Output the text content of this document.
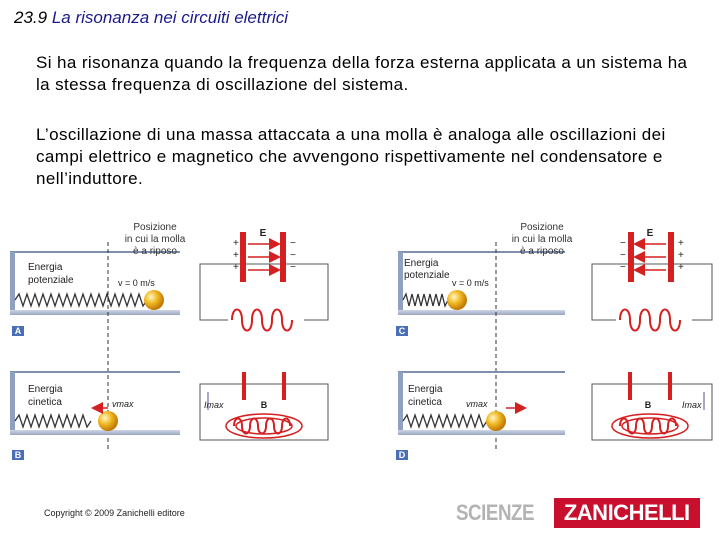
23.9 La risonanza nei circuiti elettrici

Si ha risonanza quando la frequenza della forza esterna applicata a un sistema ha la stessa frequenza di oscillazione del sistema.

L’oscillazione di una massa attaccata a una molla è analoga alle oscillazioni dei campi elettrico e magnetico che avvengono rispettivamente nel condensatore e nell’induttore.

Energia
potenziale	v = 0 m/s
Posizione
in cui la molla
è a riposo
A
+
+
+
−
−
−
E
Energia
cinetica	vmax
B
Imax	B
Energia
potenziale
v = 0 m/s
Posizione
in cui la molla
è a riposo
C
−
−
−
+
+
+
E
Energia
cinetica	vmax
D
Imax
B
Copyright © 2009 Zanichelli editore	SCIENZE	ZANICHELLI
